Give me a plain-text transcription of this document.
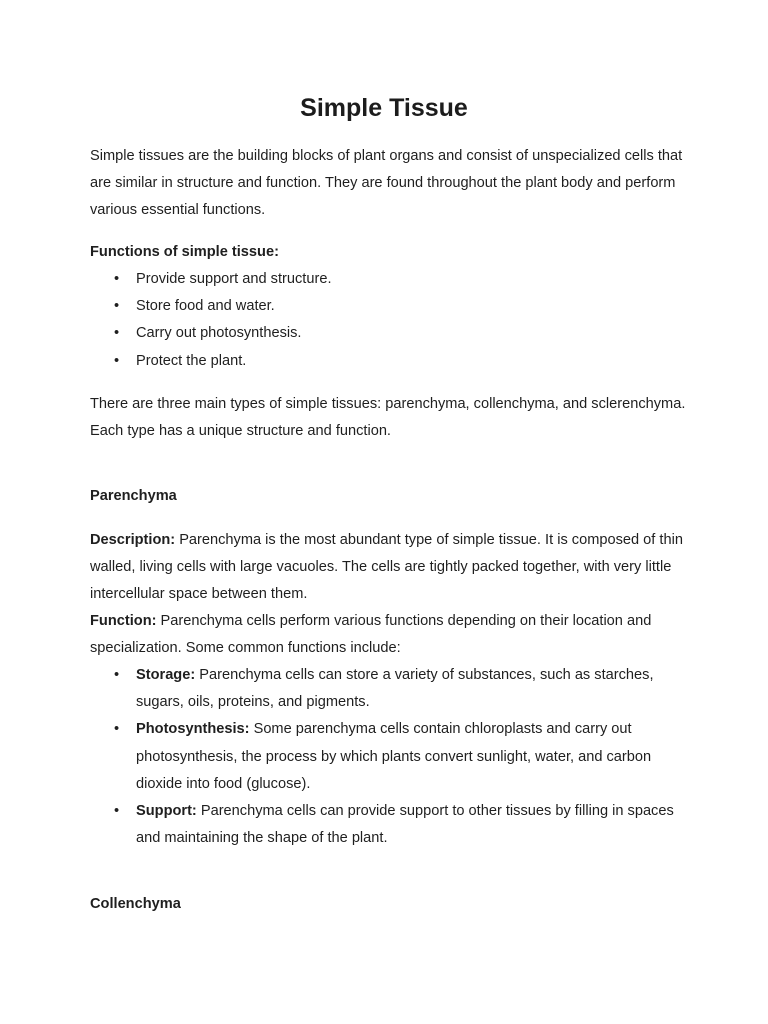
Simple Tissue

Simple tissues are the building blocks of plant organs and consist of unspecialized cells that are similar in structure and function. They are found throughout the plant body and perform various essential functions.

Functions of simple tissue:

• Provide support and structure.
• Store food and water.
• Carry out photosynthesis.
• Protect the plant.

There are three main types of simple tissues: parenchyma, collenchyma, and sclerenchyma. Each type has a unique structure and function.

Parenchyma

Description: Parenchyma is the most abundant type of simple tissue. It is composed of thin walled, living cells with large vacuoles. The cells are tightly packed together, with very little intercellular space between them.

Function: Parenchyma cells perform various functions depending on their location and specialization. Some common functions include:

• Storage: Parenchyma cells can store a variety of substances, such as starches, sugars, oils, proteins, and pigments.
• Photosynthesis: Some parenchyma cells contain chloroplasts and carry out photosynthesis, the process by which plants convert sunlight, water, and carbon dioxide into food (glucose).
• Support: Parenchyma cells can provide support to other tissues by filling in spaces and maintaining the shape of the plant.
Collenchyma
